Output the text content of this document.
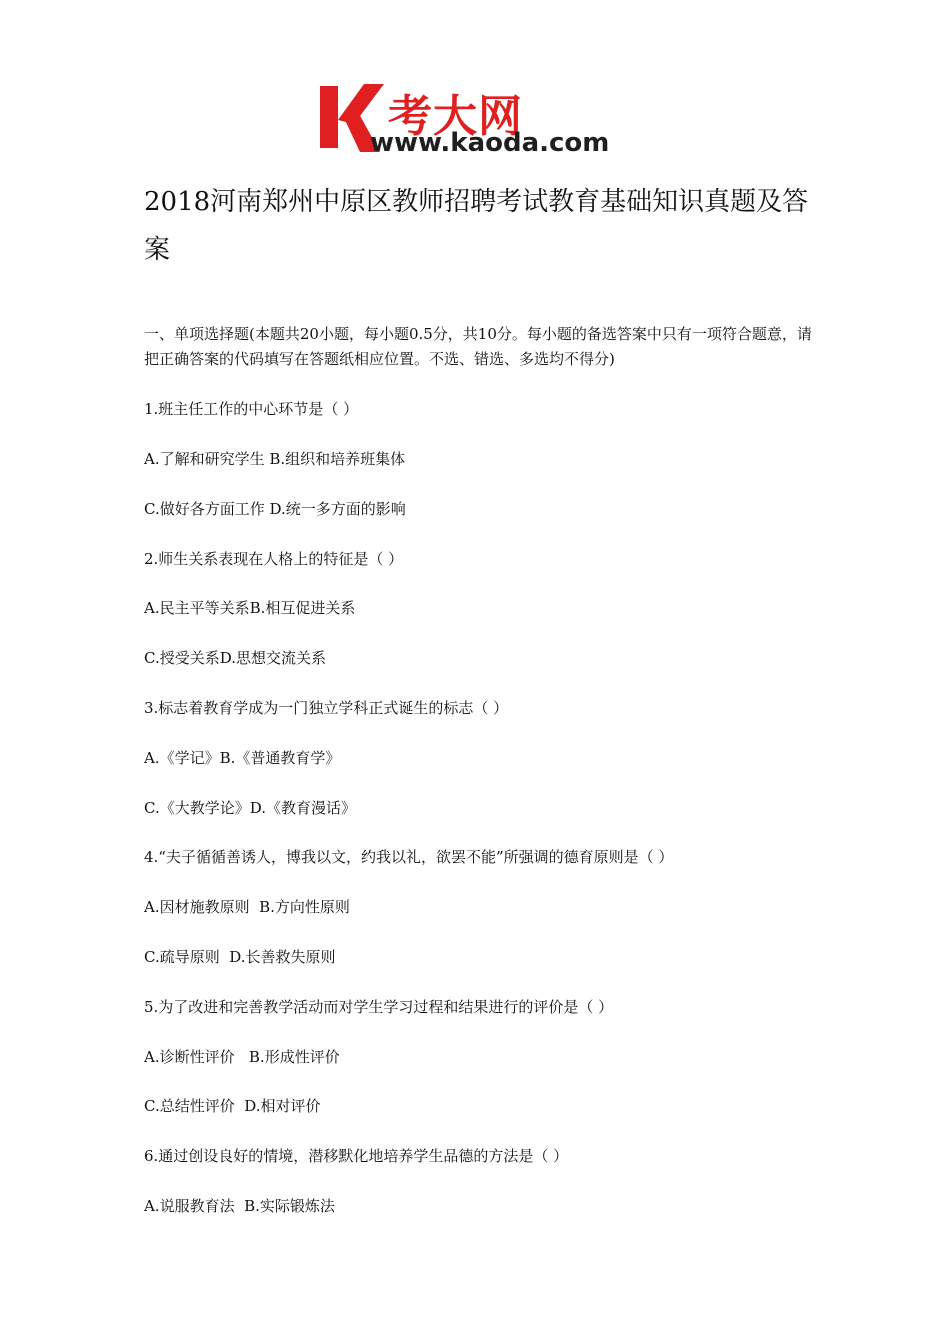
考大网
www.kaoda.com
2018河南郑州中原区教师招聘考试教育基础知识真题及答案
一、单项选择题(本题共20小题，每小题0.5分，共10分。每小题的备选答案中只有一项符合题意，请把正确答案的代码填写在答题纸相应位置。不选、错选、多选均不得分)
1.班主任工作的中心环节是（ ）
A.了解和研究学生 B.组织和培养班集体
C.做好各方面工作 D.统一多方面的影响
2.师生关系表现在人格上的特征是（ ）
A.民主平等关系B.相互促进关系
C.授受关系D.思想交流关系
3.标志着教育学成为一门独立学科正式诞生的标志（ ）
A.《学记》B.《普通教育学》
C.《大教学论》D.《教育漫话》
4.“夫子循循善诱人，博我以文，约我以礼，欲罢不能”所强调的德育原则是（ ）
A.因材施教原则  B.方向性原则
C.疏导原则  D.长善救失原则
5.为了改进和完善教学活动而对学生学习过程和结果进行的评价是（ ）
A.诊断性评价   B.形成性评价
C.总结性评价  D.相对评价
6.通过创设良好的情境，潜移默化地培养学生品德的方法是（ ）
A.说服教育法  B.实际锻炼法
